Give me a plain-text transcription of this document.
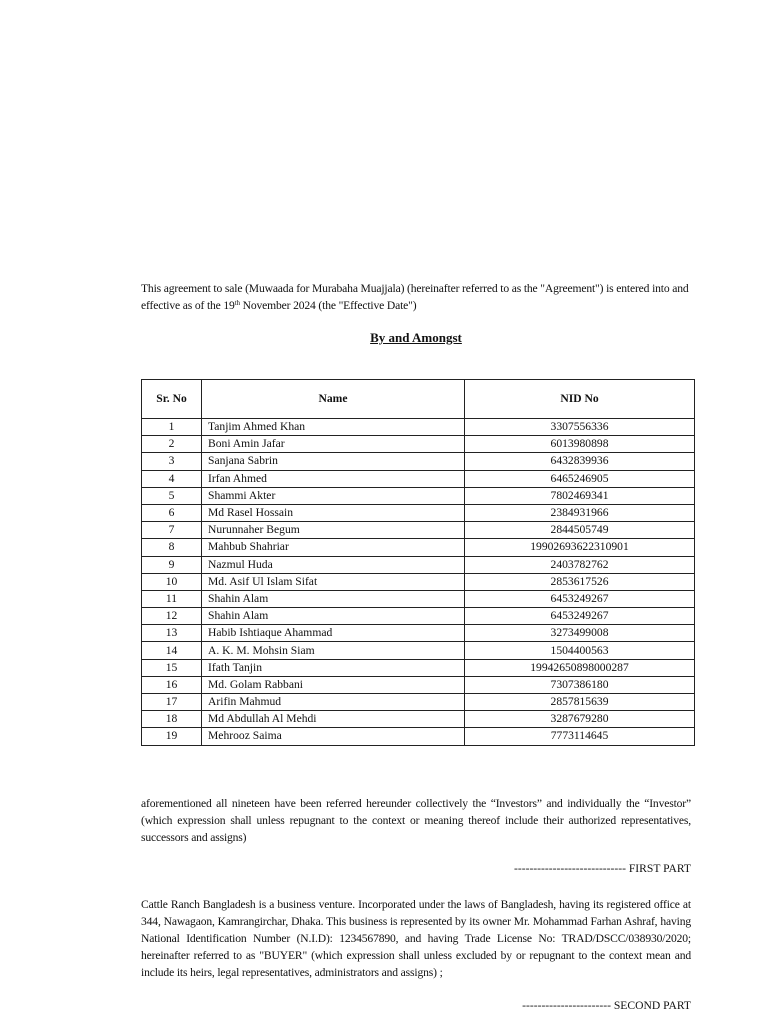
This agreement to sale (Muwaada for Murabaha Muajjala) (hereinafter referred to as the "Agreement") is entered into and effective as of the 19th November 2024 (the "Effective Date")

By and Amongst
Sr. No	Name	NID No
1	Tanjim Ahmed Khan	3307556336
2	Boni Amin Jafar	6013980898
3	Sanjana Sabrin	6432839936
4	Irfan Ahmed	6465246905
5	Shammi Akter	7802469341
6	Md Rasel Hossain	2384931966
7	Nurunnaher Begum	2844505749
8	Mahbub Shahriar	19902693622310901
9	Nazmul Huda	2403782762
10	Md. Asif Ul Islam Sifat	2853617526
11	Shahin Alam	6453249267
12	Shahin Alam	6453249267
13	Habib Ishtiaque Ahammad	3273499008
14	A. K. M. Mohsin Siam	1504400563
15	Ifath Tanjin	19942650898000287
16	Md. Golam Rabbani	7307386180
17	Arifin Mahmud	2857815639
18	Md Abdullah Al Mehdi	3287679280
19	Mehrooz Saima	7773114645

aforementioned all nineteen have been referred hereunder collectively the “Investors” and individually the “Investor” (which expression shall unless repugnant to the context or meaning thereof include their authorized representatives, successors and assigns)

----------------------------- FIRST PART

Cattle Ranch Bangladesh is a business venture. Incorporated under the laws of Bangladesh, having its registered office at 344, Nawagaon, Kamrangirchar, Dhaka. This business is represented by its owner Mr. Mohammad Farhan Ashraf, having National Identification Number (N.I.D): 1234567890, and having Trade License No: TRAD/DSCC/038930/2020; hereinafter referred to as "BUYER" (which expression shall unless excluded by or repugnant to the context mean and include its heirs, legal representatives, administrators and assigns) ;

----------------------- SECOND PART
